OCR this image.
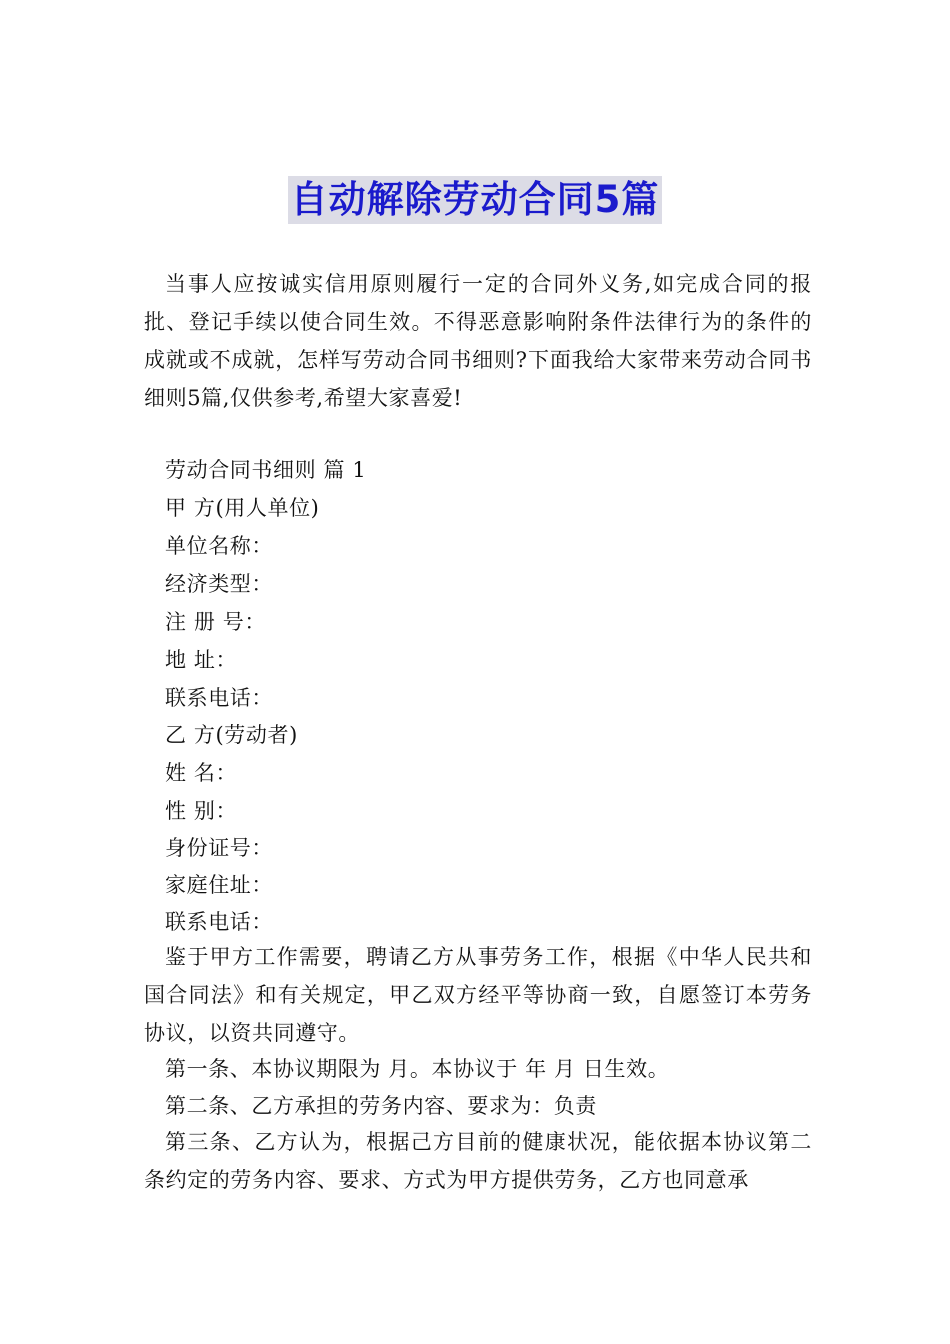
自动解除劳动合同5篇

当事人应按诚实信用原则履行一定的合同外义务,如完成合同的报批、登记手续以使合同生效。不得恶意影响附条件法律行为的条件的成就或不成就，怎样写劳动合同书细则?下面我给大家带来劳动合同书细则5篇,仅供参考,希望大家喜爱!

劳动合同书细则 篇 1

甲 方(用人单位)

单位名称：

经济类型：

注 册 号：

地 址：

联系电话：

乙 方(劳动者)

姓 名：

性 别：

身份证号：

家庭住址：

联系电话：

鉴于甲方工作需要，聘请乙方从事劳务工作，根据《中华人民共和国合同法》和有关规定，甲乙双方经平等协商一致，自愿签订本劳务协议，以资共同遵守。

第一条、本协议期限为 月。本协议于 年 月 日生效。

第二条、乙方承担的劳务内容、要求为：负责

第三条、乙方认为，根据己方目前的健康状况，能依据本协议第二条约定的劳务内容、要求、方式为甲方提供劳务，乙方也同意承
